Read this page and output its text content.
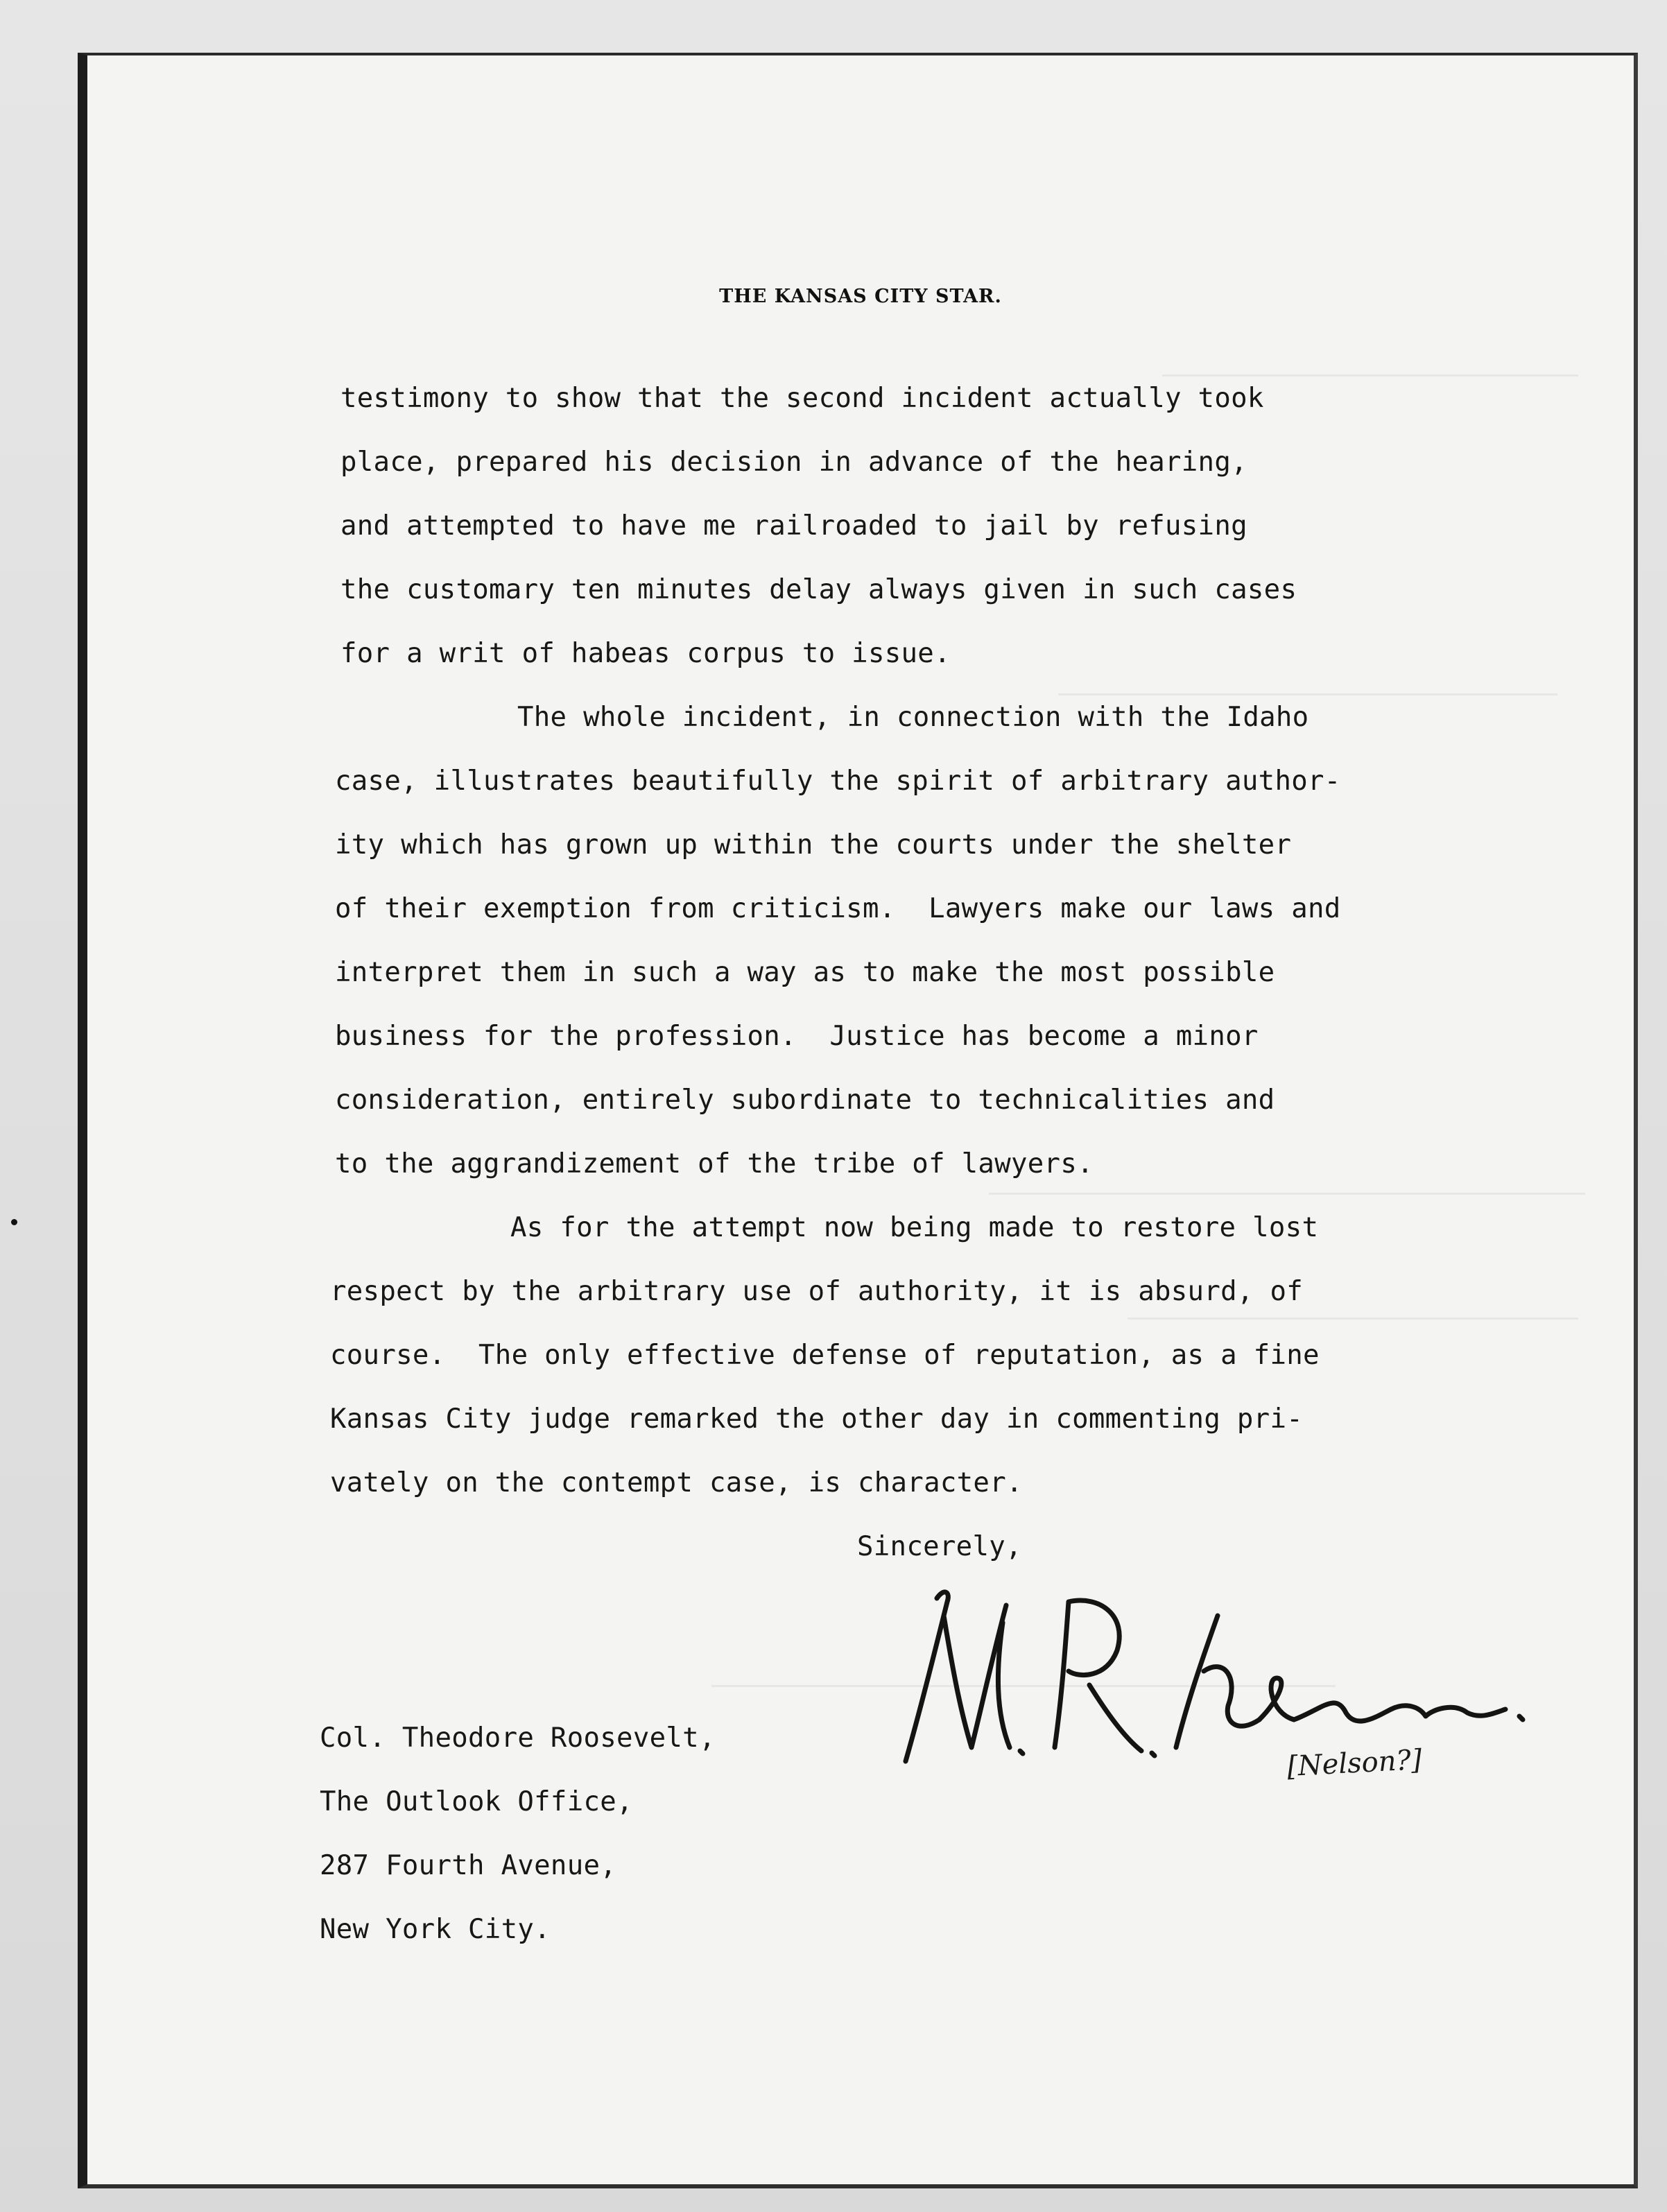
THE KANSAS CITY STAR.
testimony to show that the second incident actually took
place, prepared his decision in advance of the hearing,
and attempted to have me railroaded to jail by refusing
the customary ten minutes delay always given in such cases
for a writ of habeas corpus to issue.
The whole incident, in connection with the Idaho
case, illustrates beautifully the spirit of arbitrary author-
ity which has grown up within the courts under the shelter
of their exemption from criticism.  Lawyers make our laws and
interpret them in such a way as to make the most possible
business for the profession.  Justice has become a minor
consideration, entirely subordinate to technicalities and
to the aggrandizement of the tribe of lawyers.
As for the attempt now being made to restore lost
respect by the arbitrary use of authority, it is absurd, of
course.  The only effective defense of reputation, as a fine
Kansas City judge remarked the other day in commenting pri-
vately on the contempt case, is character.
Sincerely,
Col. Theodore Roosevelt,
The Outlook Office,
287 Fourth Avenue,
New York City.
[Nelson?]
